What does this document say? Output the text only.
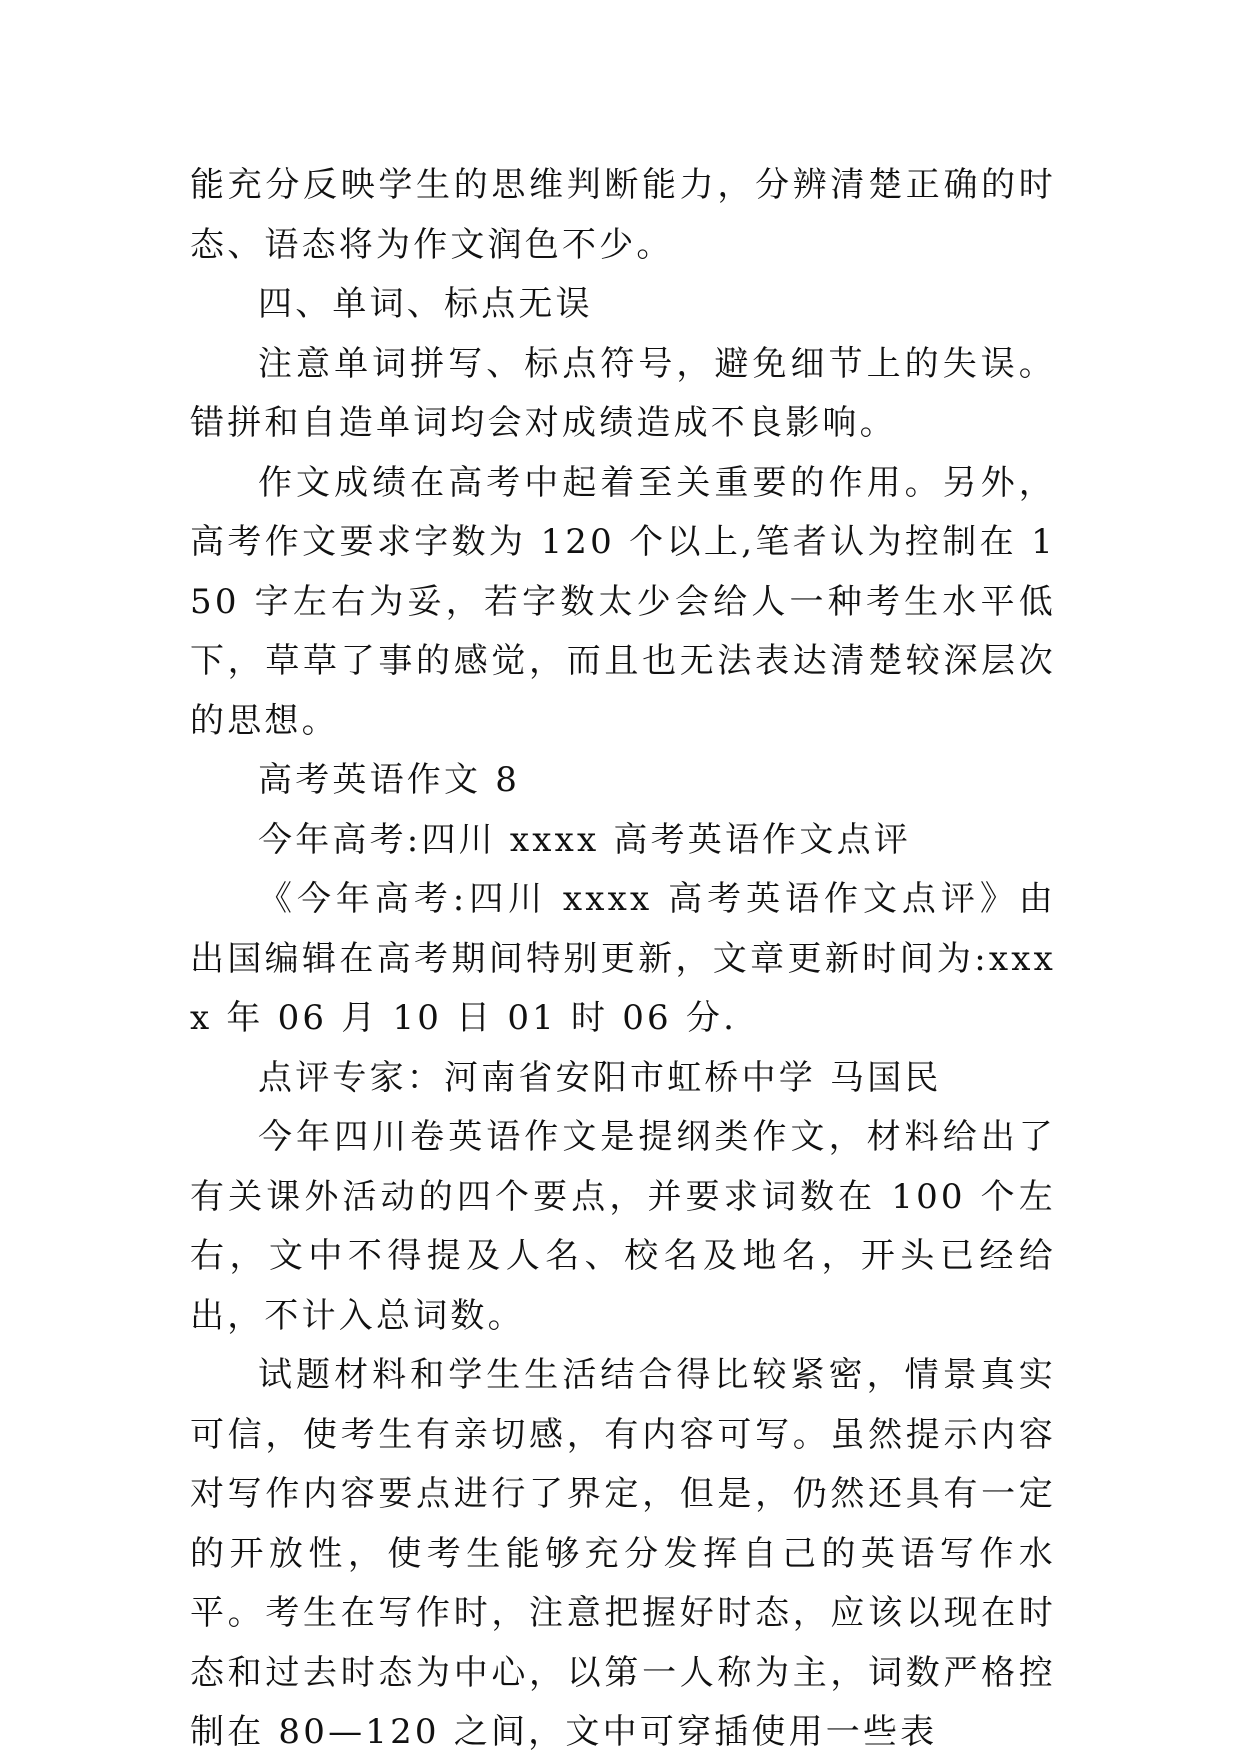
能充分反映学生的思维判断能力，分辨清楚正确的时态、语态将为作文润色不少。

四、单词、标点无误

注意单词拼写、标点符号，避免细节上的失误。错拼和自造单词均会对成绩造成不良影响。

作文成绩在高考中起着至关重要的作用。另外，高考作文要求字数为 120 个以上,笔者认为控制在 150 字左右为妥，若字数太少会给人一种考生水平低下，草草了事的感觉，而且也无法表达清楚较深层次的思想。

高考英语作文 8

今年高考:四川 xxxx 高考英语作文点评

《今年高考:四川 xxxx 高考英语作文点评》由出国编辑在高考期间特别更新，文章更新时间为:xxxx 年 06 月 10 日 01 时 06 分.

点评专家：河南省安阳市虹桥中学 马国民

今年四川卷英语作文是提纲类作文，材料给出了有关课外活动的四个要点，并要求词数在 100 个左右，文中不得提及人名、校名及地名，开头已经给出，不计入总词数。

试题材料和学生生活结合得比较紧密，情景真实可信，使考生有亲切感，有内容可写。虽然提示内容对写作内容要点进行了界定，但是，仍然还具有一定的开放性，使考生能够充分发挥自己的英语写作水平。考生在写作时，注意把握好时态，应该以现在时态和过去时态为中心，以第一人称为主，词数严格控制在 80—120 之间，文中可穿插使用一些表
